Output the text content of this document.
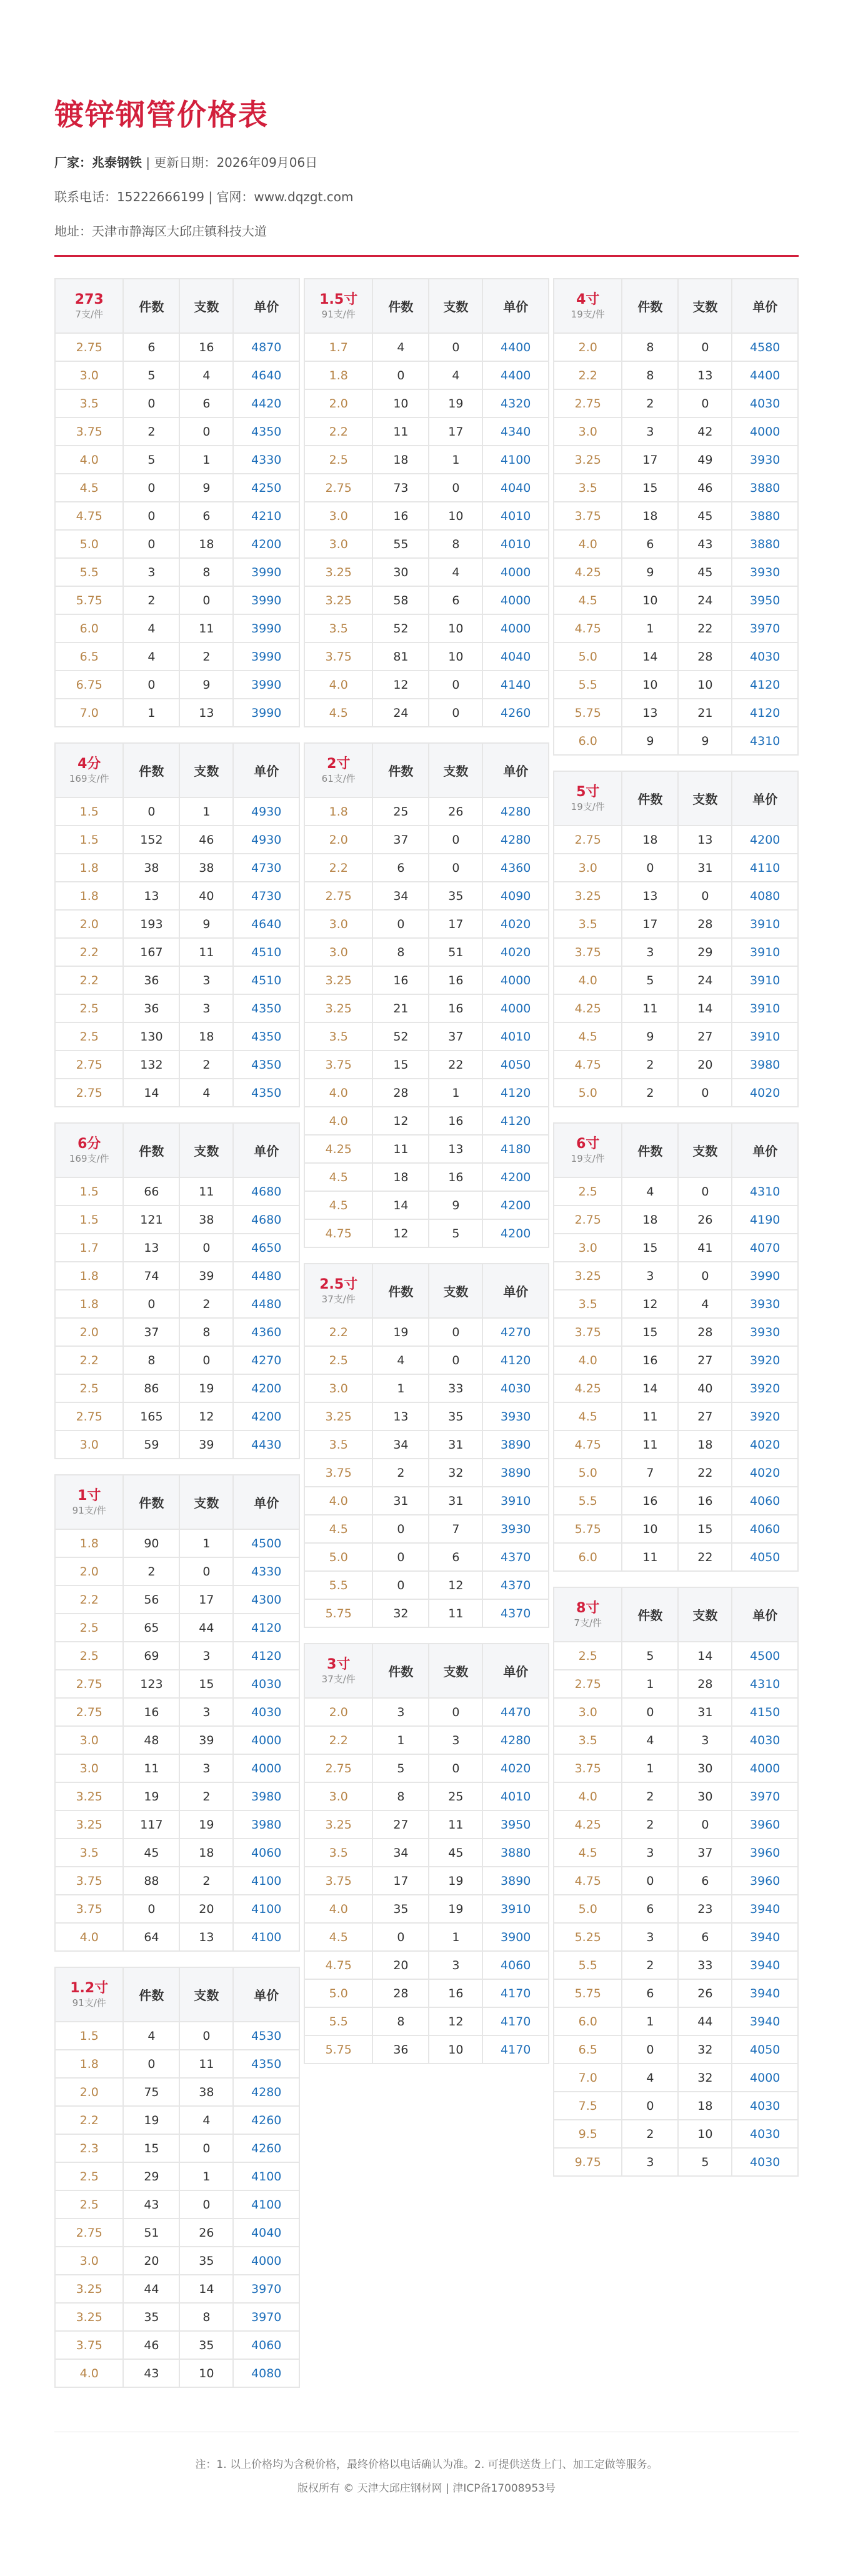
镀锌钢管价格表
厂家：兆泰钢铁 | 更新日期：2026年09月06日
联系电话：15222666199 | 官网：www.dqzgt.com
地址：天津市静海区大邱庄镇科技大道
273
7支/件	件数	支数	单价
2.75	6	16	4870
3.0	5	4	4640
3.5	0	6	4420
3.75	2	0	4350
4.0	5	1	4330
4.5	0	9	4250
4.75	0	6	4210
5.0	0	18	4200
5.5	3	8	3990
5.75	2	0	3990
6.0	4	11	3990
6.5	4	2	3990
6.75	0	9	3990
7.0	1	13	3990
4分
169支/件	件数	支数	单价
1.5	0	1	4930
1.5	152	46	4930
1.8	38	38	4730
1.8	13	40	4730
2.0	193	9	4640
2.2	167	11	4510
2.2	36	3	4510
2.5	36	3	4350
2.5	130	18	4350
2.75	132	2	4350
2.75	14	4	4350
6分
169支/件	件数	支数	单价
1.5	66	11	4680
1.5	121	38	4680
1.7	13	0	4650
1.8	74	39	4480
1.8	0	2	4480
2.0	37	8	4360
2.2	8	0	4270
2.5	86	19	4200
2.75	165	12	4200
3.0	59	39	4430
1寸
91支/件	件数	支数	单价
1.8	90	1	4500
2.0	2	0	4330
2.2	56	17	4300
2.5	65	44	4120
2.5	69	3	4120
2.75	123	15	4030
2.75	16	3	4030
3.0	48	39	4000
3.0	11	3	4000
3.25	19	2	3980
3.25	117	19	3980
3.5	45	18	4060
3.75	88	2	4100
3.75	0	20	4100
4.0	64	13	4100
1.2寸
91支/件	件数	支数	单价
1.5	4	0	4530
1.8	0	11	4350
2.0	75	38	4280
2.2	19	4	4260
2.3	15	0	4260
2.5	29	1	4100
2.5	43	0	4100
2.75	51	26	4040
3.0	20	35	4000
3.25	44	14	3970
3.25	35	8	3970
3.75	46	35	4060
4.0	43	10	4080
1.5寸
91支/件	件数	支数	单价
1.7	4	0	4400
1.8	0	4	4400
2.0	10	19	4320
2.2	11	17	4340
2.5	18	1	4100
2.75	73	0	4040
3.0	16	10	4010
3.0	55	8	4010
3.25	30	4	4000
3.25	58	6	4000
3.5	52	10	4000
3.75	81	10	4040
4.0	12	0	4140
4.5	24	0	4260
2寸
61支/件	件数	支数	单价
1.8	25	26	4280
2.0	37	0	4280
2.2	6	0	4360
2.75	34	35	4090
3.0	0	17	4020
3.0	8	51	4020
3.25	16	16	4000
3.25	21	16	4000
3.5	52	37	4010
3.75	15	22	4050
4.0	28	1	4120
4.0	12	16	4120
4.25	11	13	4180
4.5	18	16	4200
4.5	14	9	4200
4.75	12	5	4200
2.5寸
37支/件	件数	支数	单价
2.2	19	0	4270
2.5	4	0	4120
3.0	1	33	4030
3.25	13	35	3930
3.5	34	31	3890
3.75	2	32	3890
4.0	31	31	3910
4.5	0	7	3930
5.0	0	6	4370
5.5	0	12	4370
5.75	32	11	4370
3寸
37支/件	件数	支数	单价
2.0	3	0	4470
2.2	1	3	4280
2.75	5	0	4020
3.0	8	25	4010
3.25	27	11	3950
3.5	34	45	3880
3.75	17	19	3890
4.0	35	19	3910
4.5	0	1	3900
4.75	20	3	4060
5.0	28	16	4170
5.5	8	12	4170
5.75	36	10	4170
4寸
19支/件	件数	支数	单价
2.0	8	0	4580
2.2	8	13	4400
2.75	2	0	4030
3.0	3	42	4000
3.25	17	49	3930
3.5	15	46	3880
3.75	18	45	3880
4.0	6	43	3880
4.25	9	45	3930
4.5	10	24	3950
4.75	1	22	3970
5.0	14	28	4030
5.5	10	10	4120
5.75	13	21	4120
6.0	9	9	4310
5寸
19支/件	件数	支数	单价
2.75	18	13	4200
3.0	0	31	4110
3.25	13	0	4080
3.5	17	28	3910
3.75	3	29	3910
4.0	5	24	3910
4.25	11	14	3910
4.5	9	27	3910
4.75	2	20	3980
5.0	2	0	4020
6寸
19支/件	件数	支数	单价
2.5	4	0	4310
2.75	18	26	4190
3.0	15	41	4070
3.25	3	0	3990
3.5	12	4	3930
3.75	15	28	3930
4.0	16	27	3920
4.25	14	40	3920
4.5	11	27	3920
4.75	11	18	4020
5.0	7	22	4020
5.5	16	16	4060
5.75	10	15	4060
6.0	11	22	4050
8寸
7支/件	件数	支数	单价
2.5	5	14	4500
2.75	1	28	4310
3.0	0	31	4150
3.5	4	3	4030
3.75	1	30	4000
4.0	2	30	3970
4.25	2	0	3960
4.5	3	37	3960
4.75	0	6	3960
5.0	6	23	3940
5.25	3	6	3940
5.5	2	33	3940
5.75	6	26	3940
6.0	1	44	3940
6.5	0	32	4050
7.0	4	32	4000
7.5	0	18	4030
9.5	2	10	4030
9.75	3	5	4030
注：1. 以上价格均为含税价格，最终价格以电话确认为准。2. 可提供送货上门、加工定做等服务。
版权所有 © 天津大邱庄钢材网 | 津ICP备17008953号
